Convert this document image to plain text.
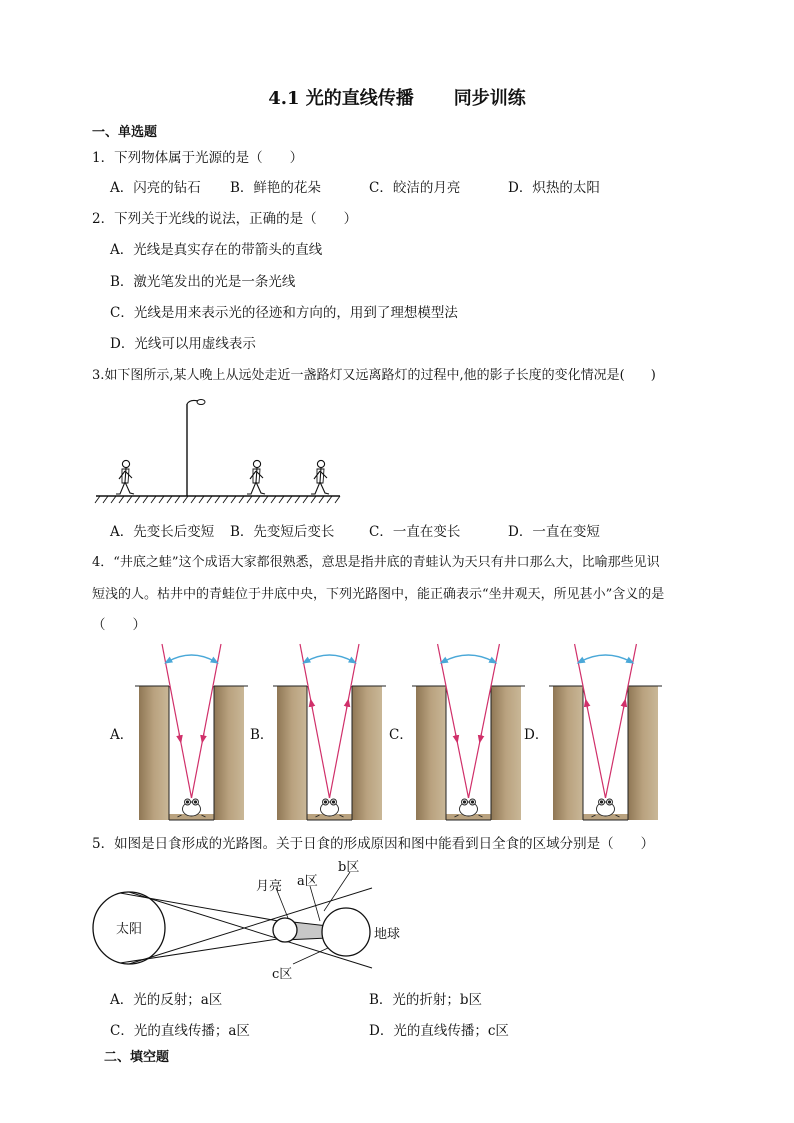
4.1 光的直线传播 同步训练
一、单选题
1．下列物体属于光源的是（　　）
A．闪亮的钻石 B．鲜艳的花朵	C．皎洁的月亮	D．炽热的太阳
2．下列关于光线的说法，正确的是（　　）
A．光线是真实存在的带箭头的直线
B．激光笔发出的光是一条光线
C．光线是用来表示光的径迹和方向的，用到了理想模型法
D．光线可以用虚线表示
3.如下图所示,某人晚上从远处走近一盏路灯又远离路灯的过程中,他的影子长度的变化情况是(　　)
A．先变长后变短 B．先变短后变长	C．一直在变长	D．一直在变短
4．“井底之蛙”这个成语大家都很熟悉，意思是指井底的青蛙认为天只有井口那么大，比喻那些见识
短浅的人。枯井中的青蛙位于井底中央，下列光路图中，能正确表示“坐井观天，所见甚小”含义的是
（　　）
A．	B．	C．	D．
5．如图是日食形成的光路图。关于日食的形成原因和图中能看到日全食的区域分别是（　　）
太阳
月亮 a区
b区
地球
c区
A．光的反射；a区	B．光的折射；b区
C．光的直线传播；a区	D．光的直线传播；c区
二、填空题
